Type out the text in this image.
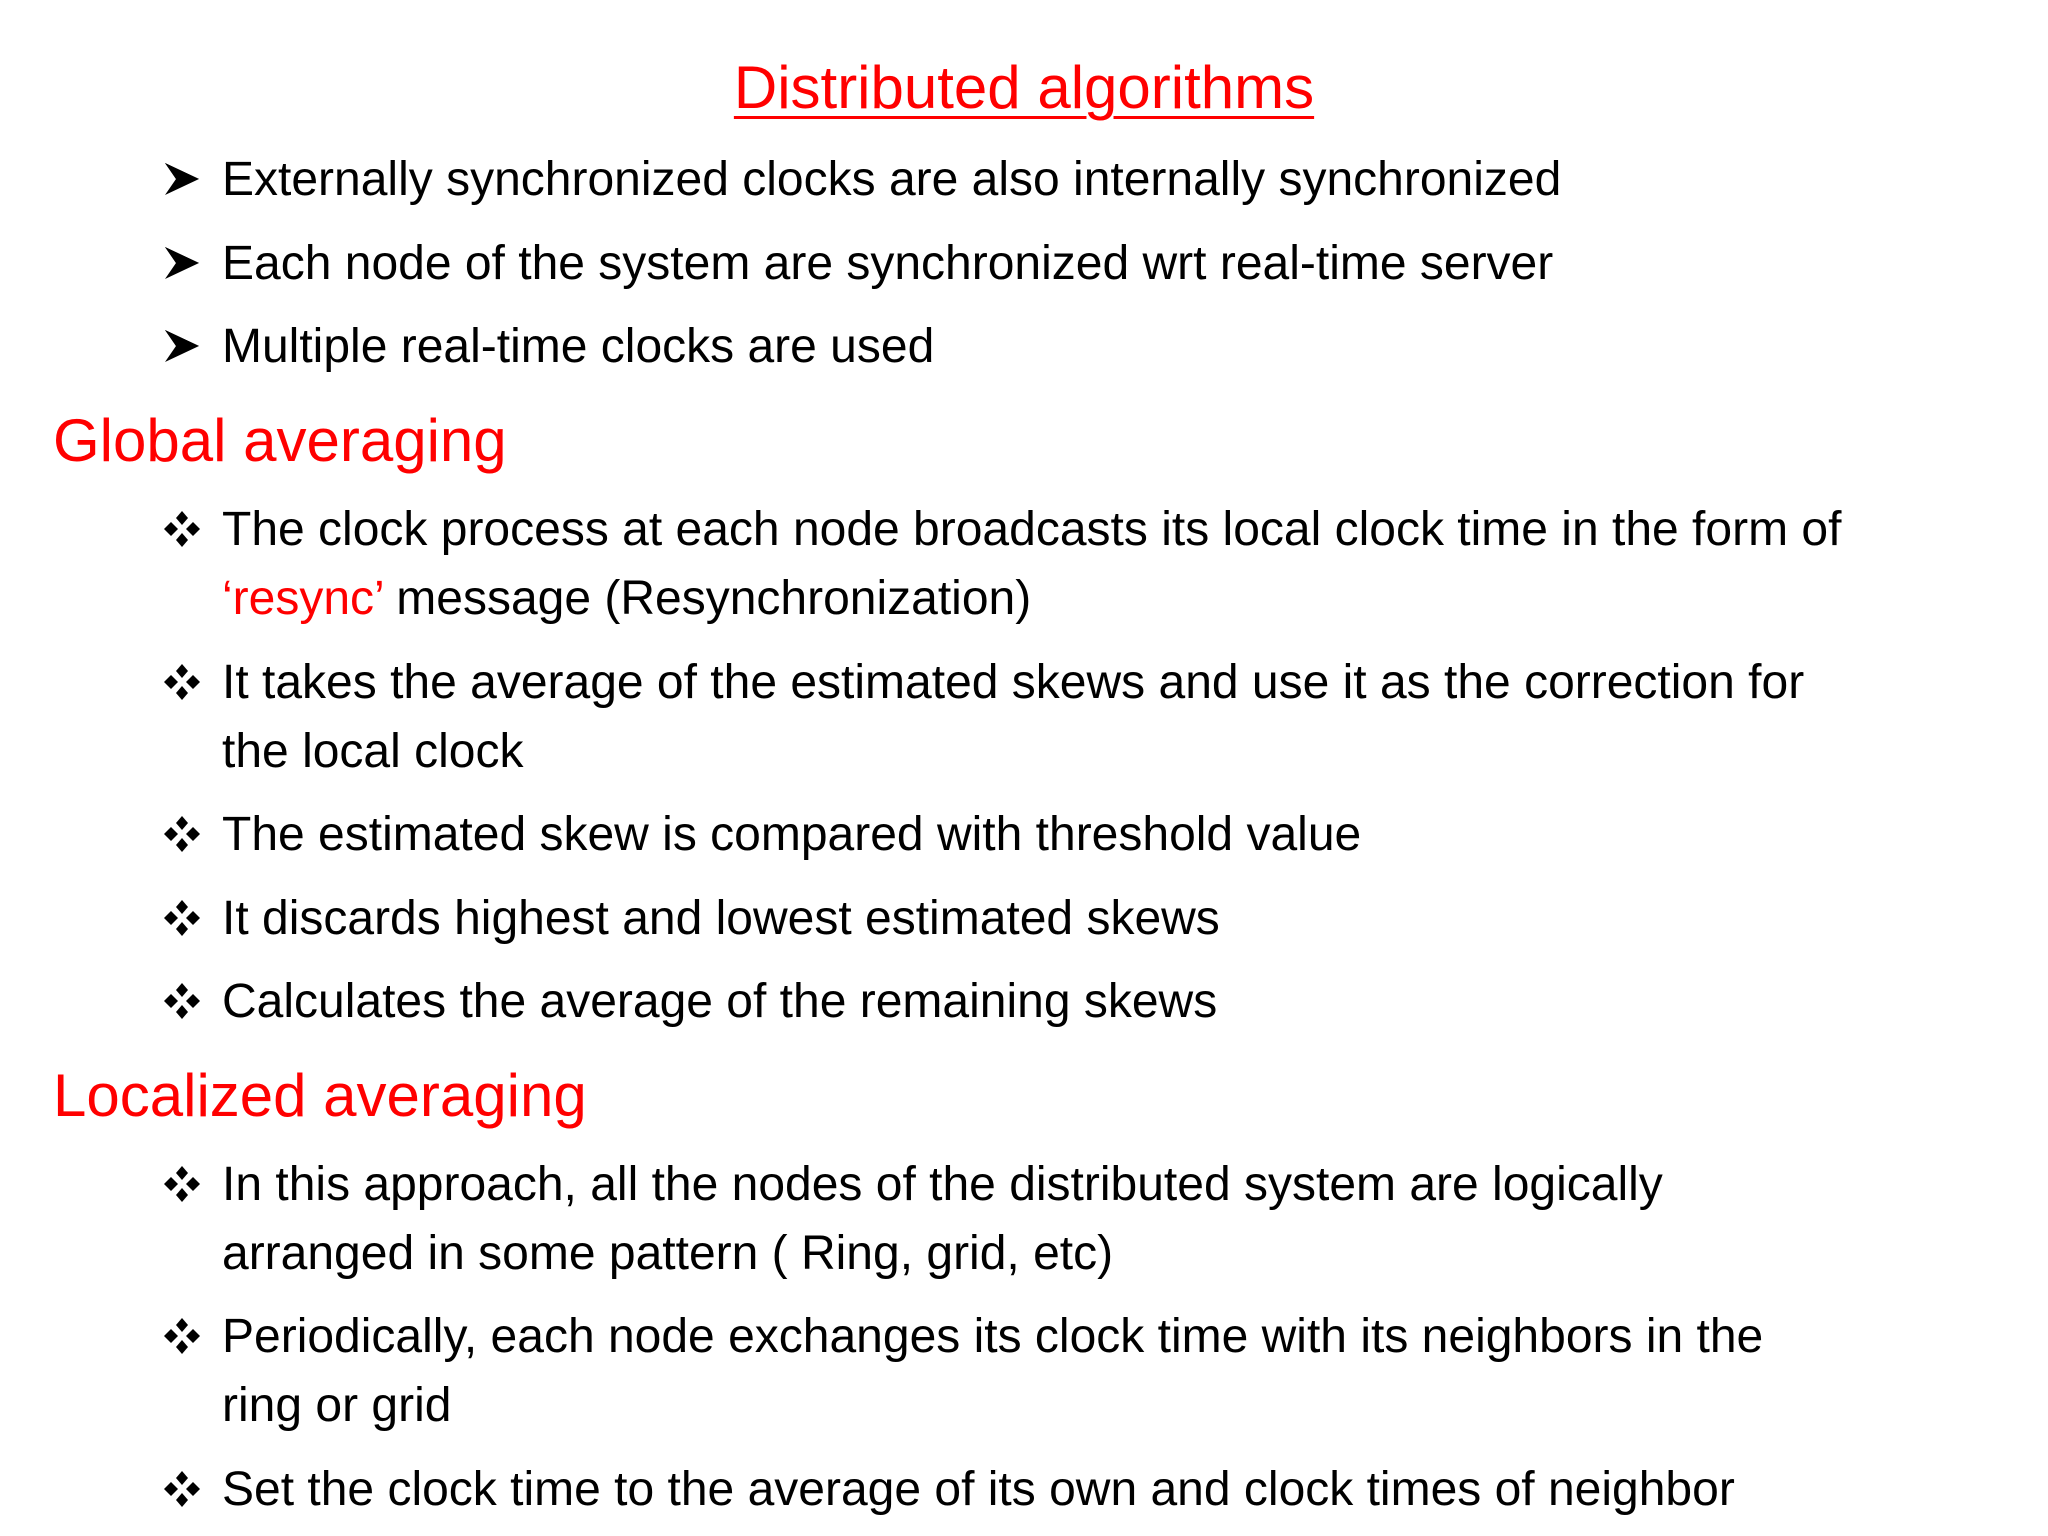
Distributed algorithms
Externally synchronized clocks are also internally synchronized
Each node of the system are synchronized wrt real-time server
Multiple real-time clocks are used
Global averaging
The clock process at each node broadcasts its local clock time in the form of
‘resync’ message (Resynchronization)
It takes the average of the estimated skews and use it as the correction for
the local clock
The estimated skew is compared with threshold value
It discards highest and lowest estimated skews
Calculates the average of the remaining skews
Localized averaging
In this approach, all the nodes of the distributed system are logically
arranged in some pattern ( Ring, grid, etc)
Periodically, each node exchanges its clock time with its neighbors in the
ring or grid
Set the clock time to the average of its own and clock times of neighbor
